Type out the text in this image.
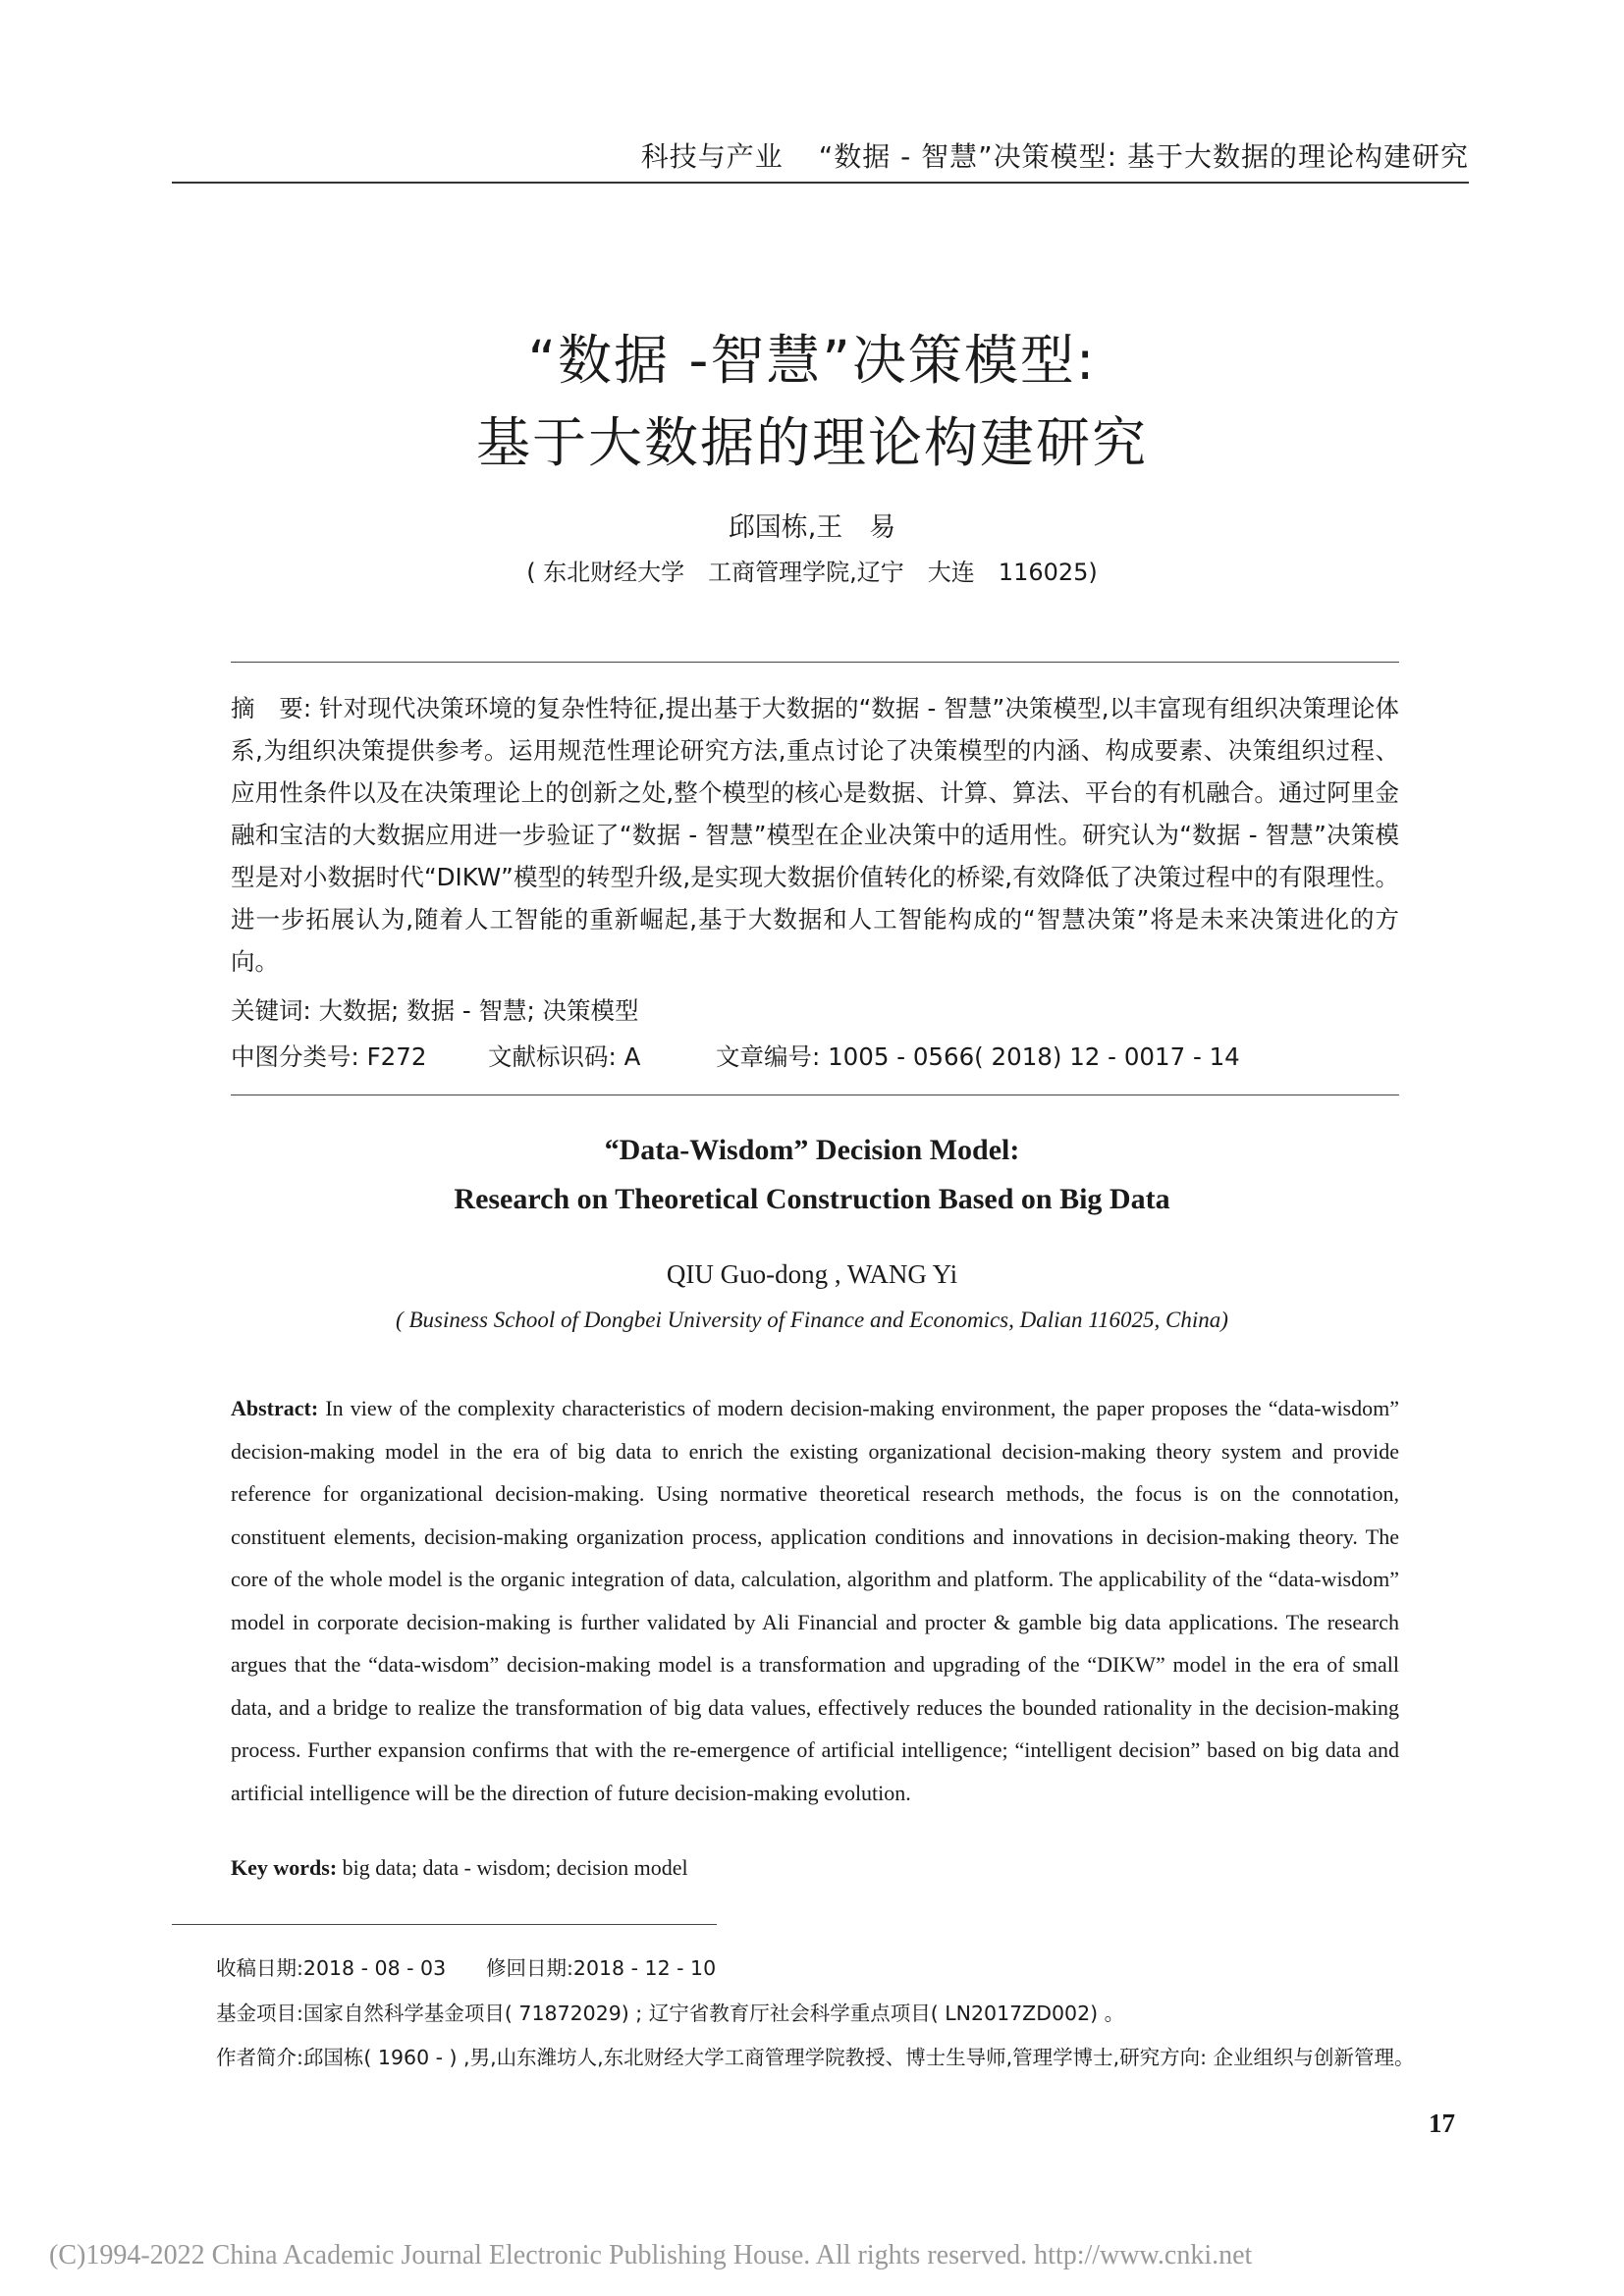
科技与产业 “数据 - 智慧”决策模型: 基于大数据的理论构建研究
“数据 -智慧”决策模型:
基于大数据的理论构建研究
邱国栋,王　易
( 东北财经大学　工商管理学院,辽宁　大连　116025)
摘　要: 针对现代决策环境的复杂性特征,提出基于大数据的“数据 - 智慧”决策模型,以丰富现有组织决策理论体系,为组织决策提供参考。运用规范性理论研究方法,重点讨论了决策模型的内涵、构成要素、决策组织过程、应用性条件以及在决策理论上的创新之处,整个模型的核心是数据、计算、算法、平台的有机融合。通过阿里金融和宝洁的大数据应用进一步验证了“数据 - 智慧”模型在企业决策中的适用性。研究认为“数据 - 智慧”决策模型是对小数据时代“DIKW”模型的转型升级,是实现大数据价值转化的桥梁,有效降低了决策过程中的有限理性。进一步拓展认为,随着人工智能的重新崛起,基于大数据和人工智能构成的“智慧决策”将是未来决策进化的方向。
关键词: 大数据; 数据 - 智慧; 决策模型
中图分类号: F272	文献标识码: A	文章编号: 1005 - 0566( 2018) 12 - 0017 - 14
“Data-Wisdom” Decision Model:
Research on Theoretical Construction Based on Big Data
QIU Guo-dong , WANG Yi
( Business School of Dongbei University of Finance and Economics, Dalian 116025, China)
Abstract: In view of the complexity characteristics of modern decision-making environment, the paper proposes the “data-wisdom” decision-making model in the era of big data to enrich the existing organizational decision-making theory system and provide reference for organizational decision-making. Using normative theoretical research methods, the focus is on the connotation, constituent elements, decision-making organization process, application conditions and innovations in decision-making theory. The core of the whole model is the organic integration of data, calculation, algorithm and platform. The applicability of the “data-wisdom” model in corporate decision-making is further validated by Ali Financial and procter & gamble big data applications. The research argues that the “data-wisdom” decision-making model is a transformation and upgrading of the “DIKW” model in the era of small data, and a bridge to realize the transformation of big data values, effectively reduces the bounded rationality in the decision-making process. Further expansion confirms that with the re-emergence of artificial intelligence; “intelligent decision” based on big data and artificial intelligence will be the direction of future decision-making evolution.
Key words: big data; data - wisdom; decision model
收稿日期:2018 - 08 - 03 修回日期:2018 - 12 - 10
基金项目:国家自然科学基金项目( 71872029) ; 辽宁省教育厅社会科学重点项目( LN2017ZD002) 。
作者简介:邱国栋( 1960 - ) ,男,山东潍坊人,东北财经大学工商管理学院教授、博士生导师,管理学博士,研究方向: 企业组织与创新管理。
17
(C)1994-2022 China Academic Journal Electronic Publishing House. All rights reserved. http://www.cnki.net
